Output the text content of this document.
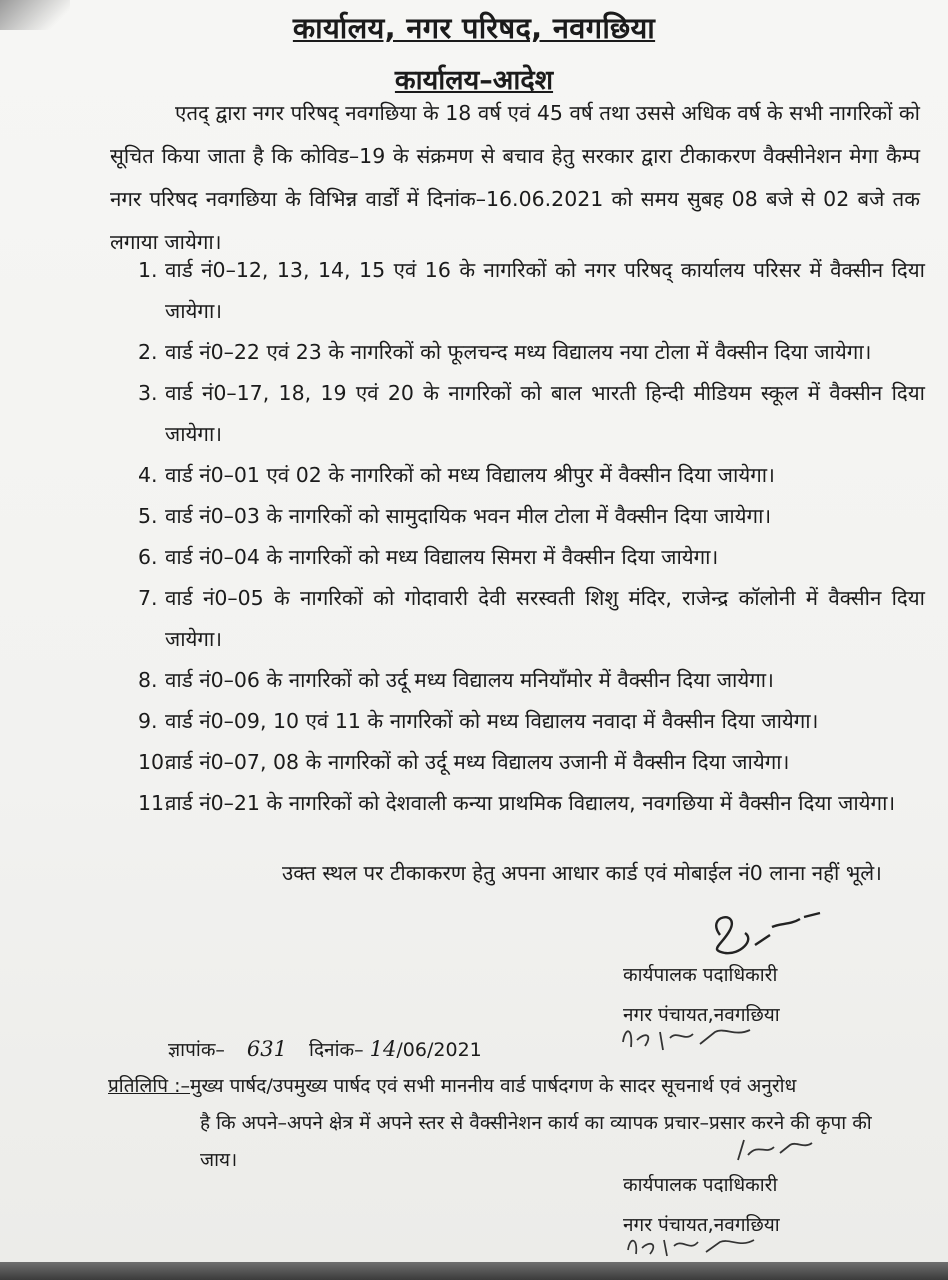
कार्यालय, नगर परिषद, नवगछिया
कार्यालय–आदेश
एतद् द्वारा नगर परिषद् नवगछिया के 18 वर्ष एवं 45 वर्ष तथा उससे अधिक वर्ष के सभी नागरिकों को सूचित किया जाता है कि कोविड–19 के संक्रमण से बचाव हेतु सरकार द्वारा टीकाकरण वैक्सीनेशन मेगा कैम्प नगर परिषद नवगछिया के विभिन्न वार्डों में दिनांक–16.06.2021 को समय सुबह 08 बजे से 02 बजे तक लगाया जायेगा।
1. वार्ड नं0–12, 13, 14, 15 एवं 16 के नागरिकों को नगर परिषद् कार्यालय परिसर में वैक्सीन दिया जायेगा।
2. वार्ड नं0–22 एवं 23 के नागरिकों को फूलचन्द मध्य विद्यालय नया टोला में वैक्सीन दिया जायेगा।
3. वार्ड नं0–17, 18, 19 एवं 20 के नागरिकों को बाल भारती हिन्दी मीडियम स्कूल में वैक्सीन दिया जायेगा।
4. वार्ड नं0–01 एवं 02 के नागरिकों को मध्य विद्यालय श्रीपुर में वैक्सीन दिया जायेगा।
5. वार्ड नं0–03 के नागरिकों को सामुदायिक भवन मील टोला में वैक्सीन दिया जायेगा।
6. वार्ड नं0–04 के नागरिकों को मध्य विद्यालय सिमरा में वैक्सीन दिया जायेगा।
7. वार्ड नं0–05 के नागरिकों को गोदावारी देवी सरस्वती शिशु मंदिर, राजेन्द्र कॉलोनी में वैक्सीन दिया जायेगा।
8. वार्ड नं0–06 के नागरिकों को उर्दू मध्य विद्यालय मनियाँमोर में वैक्सीन दिया जायेगा।
9. वार्ड नं0–09, 10 एवं 11 के नागरिकों को मध्य विद्यालय नवादा में वैक्सीन दिया जायेगा।
10.
वार्ड नं0–07, 08 के नागरिकों को उर्दू मध्य विद्यालय उजानी में वैक्सीन दिया जायेगा।
11.
वार्ड नं0–21 के नागरिकों को देशवाली कन्या प्राथमिक विद्यालय, नवगछिया में वैक्सीन दिया जायेगा।
उक्त स्थल पर टीकाकरण हेतु अपना आधार कार्ड एवं मोबाईल नं0 लाना नहीं भूले।
कार्यपालक पदाधिकारी
नगर पंचायत,नवगछिया
ज्ञापांक– 631 दिनांक– 14/06/2021
प्रतिलिपि :–मुख्य पार्षद/उपमुख्य पार्षद एवं सभी माननीय वार्ड पार्षदगण के सादर सूचनार्थ एवं अनुरोध
है कि अपने–अपने क्षेत्र में अपने स्तर से वैक्सीनेशन कार्य का व्यापक प्रचार–प्रसार करने की कृपा की जाय।
कार्यपालक पदाधिकारी
नगर पंचायत,नवगछिया
